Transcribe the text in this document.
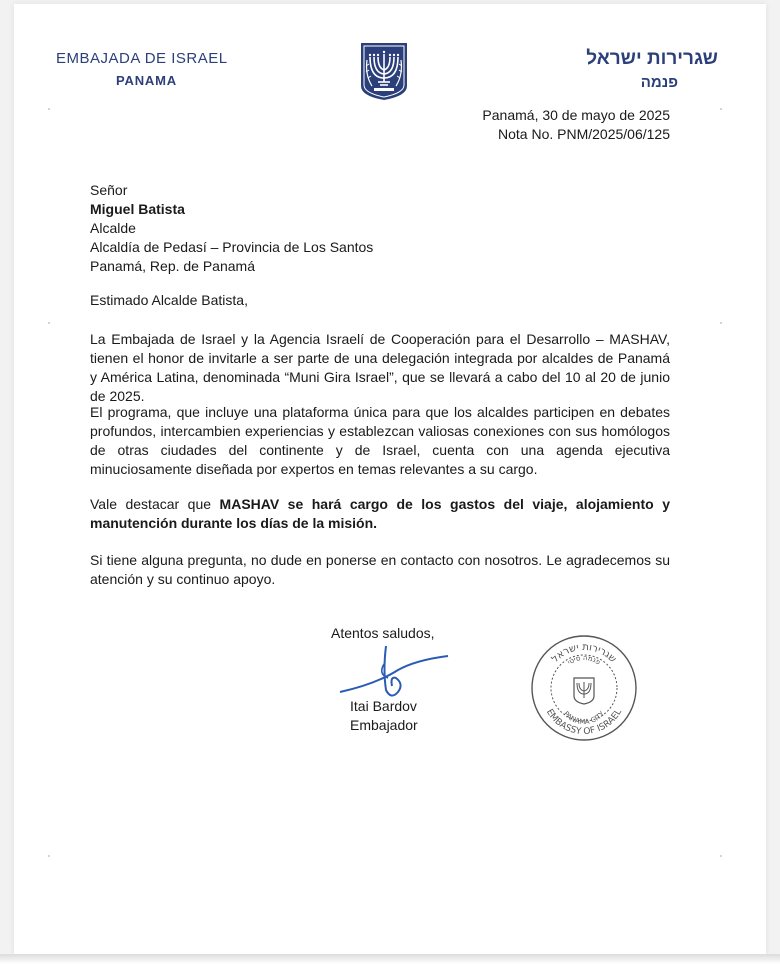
EMBAJADA DE ISRAEL
PANAMA
שגרירות ישראל
פנמה
Panamá, 30 de mayo de 2025
Nota No. PNM/2025/06/125
Señor
Miguel Batista
Alcalde
Alcaldía de Pedasí – Provincia de Los Santos
Panamá, Rep. de Panamá
Estimado Alcalde Batista,
La Embajada de Israel y la Agencia Israelí de Cooperación para el Desarrollo – MASHAV, tienen el honor de invitarle a ser parte de una delegación integrada por alcaldes de Panamá y América Latina, denominada “Muni Gira Israel”, que se llevará a cabo del 10 al 20 de junio de 2025.
El programa, que incluye una plataforma única para que los alcaldes participen en debates profundos, intercambien experiencias y establezcan valiosas conexiones con sus homólogos de otras ciudades del continente y de Israel, cuenta con una agenda ejecutiva minuciosamente diseñada por expertos en temas relevantes a su cargo.
Vale destacar que MASHAV se hará cargo de los gastos del viaje, alojamiento y manutención durante los días de la misión.
Si tiene alguna pregunta, no dude en ponerse en contacto con nosotros. Le agradecemos su atención y su continuo apoyo.
Atentos saludos,
Itai Bardov
Embajador
שגרירות ישראל
EMBASSY OF ISRAEL
פנמה סיטי
PANAMA CITY
